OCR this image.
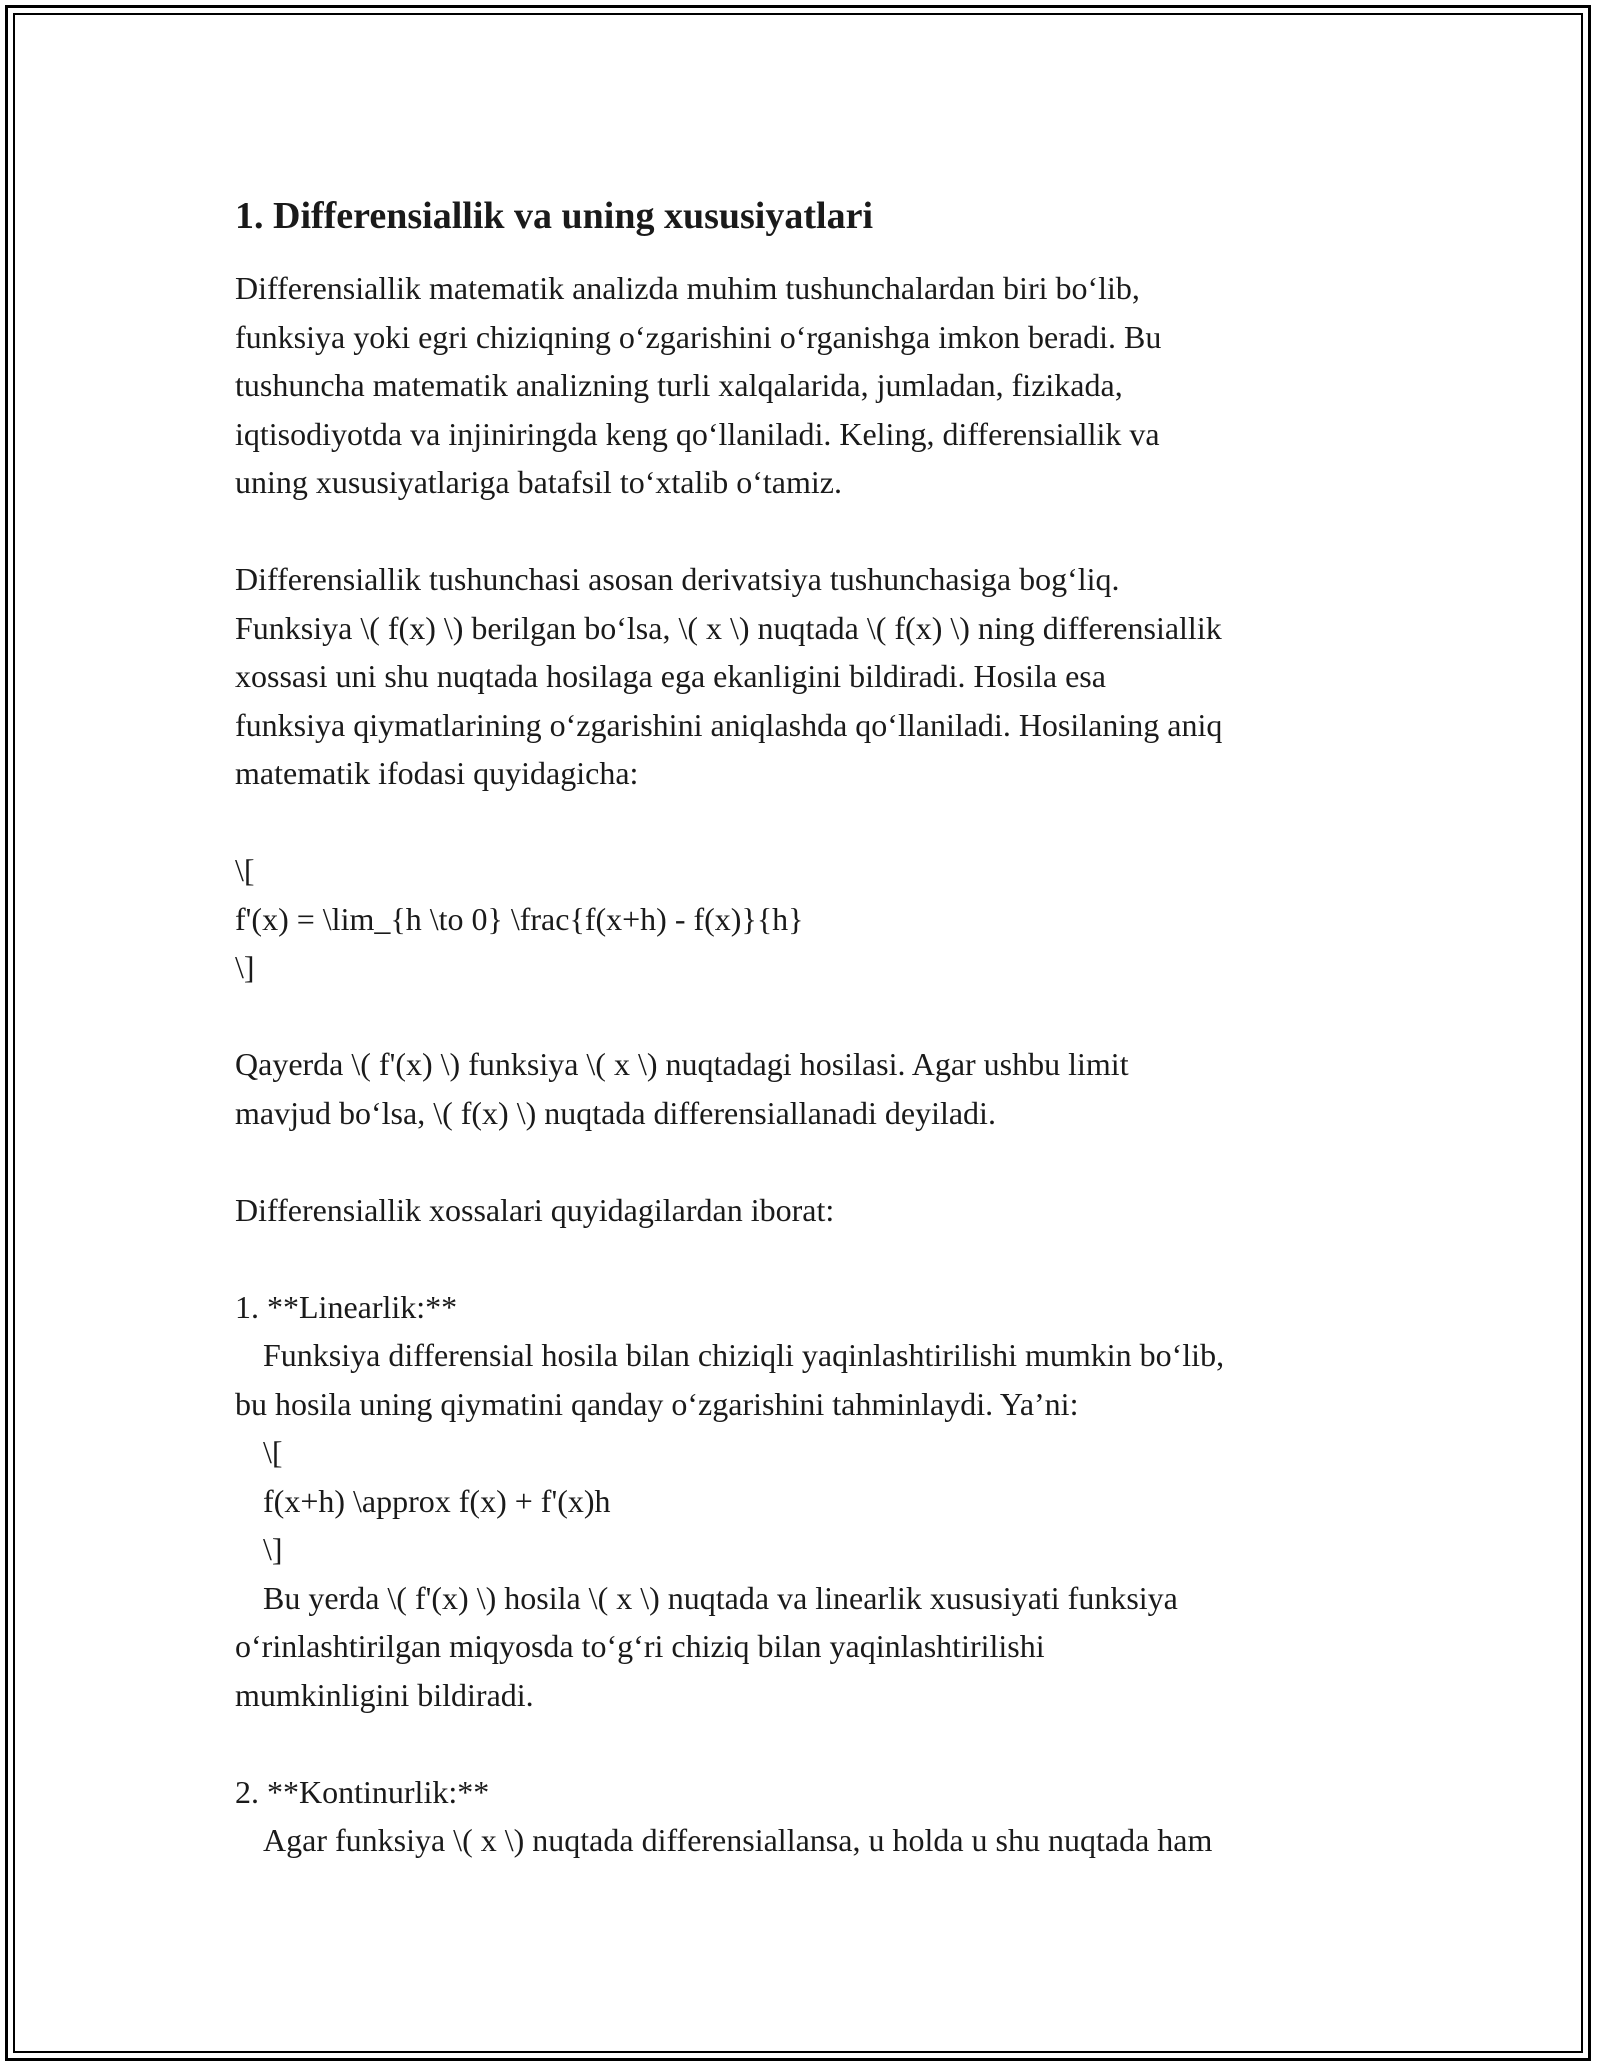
1. Differensiallik va uning xususiyatlari
Differensiallik matematik analizda muhim tushunchalardan biri bo‘lib,
funksiya yoki egri chiziqning o‘zgarishini o‘rganishga imkon beradi. Bu
tushuncha matematik analizning turli xalqalarida, jumladan, fizikada,
iqtisodiyotda va injiniringda keng qo‘llaniladi. Keling, differensiallik va
uning xususiyatlariga batafsil to‘xtalib o‘tamiz.
Differensiallik tushunchasi asosan derivatsiya tushunchasiga bog‘liq.
Funksiya \( f(x) \) berilgan bo‘lsa, \( x \) nuqtada \( f(x) \) ning differensiallik
xossasi uni shu nuqtada hosilaga ega ekanligini bildiradi. Hosila esa
funksiya qiymatlarining o‘zgarishini aniqlashda qo‘llaniladi. Hosilaning aniq
matematik ifodasi quyidagicha:
\[
f'(x) = \lim_{h \to 0} \frac{f(x+h) - f(x)}{h}
\]
Qayerda \( f'(x) \) funksiya \( x \) nuqtadagi hosilasi. Agar ushbu limit
mavjud bo‘lsa, \( f(x) \) nuqtada differensiallanadi deyiladi.
Differensiallik xossalari quyidagilardan iborat:
1. **Linearlik:**
Funksiya differensial hosila bilan chiziqli yaqinlashtirilishi mumkin bo‘lib,
bu hosila uning qiymatini qanday o‘zgarishini tahminlaydi. Ya’ni:
\[
f(x+h) \approx f(x) + f'(x)h
\]
Bu yerda \( f'(x) \) hosila \( x \) nuqtada va linearlik xususiyati funksiya
o‘rinlashtirilgan miqyosda to‘g‘ri chiziq bilan yaqinlashtirilishi
mumkinligini bildiradi.
2. **Kontinurlik:**
Agar funksiya \( x \) nuqtada differensiallansa, u holda u shu nuqtada ham
